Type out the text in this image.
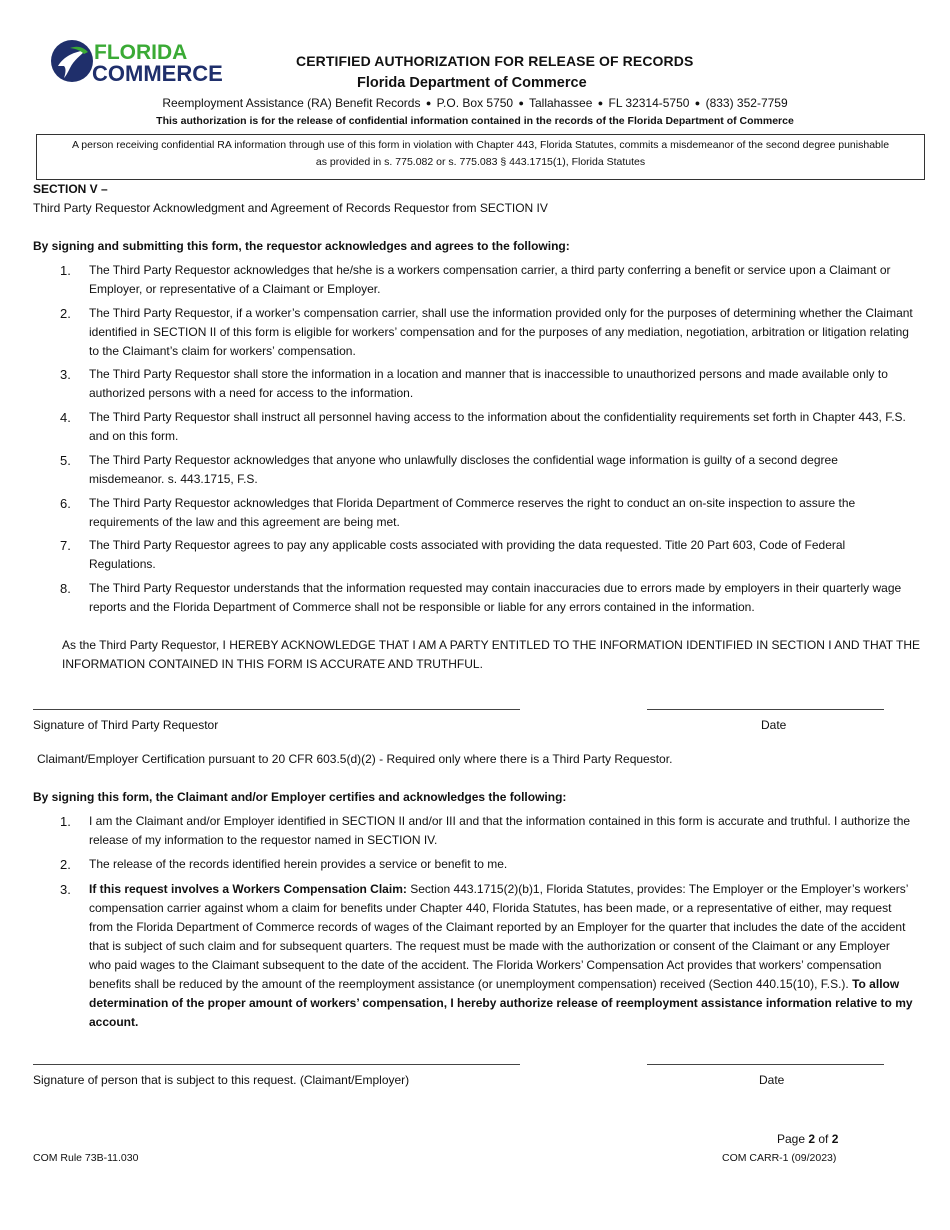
FLORIDA
COMMERCE	CERTIFIED AUTHORIZATION FOR RELEASE OF RECORDS
Florida Department of Commerce
Reemployment Assistance (RA) Benefit Records ● P.O. Box 5750 ● Tallahassee ● FL 32314-5750 ● (833) 352-7759
This authorization is for the release of confidential information contained in the records of the Florida Department of Commerce
A person receiving confidential RA information through use of this form in violation with Chapter 443, Florida Statutes, commits a misdemeanor of the second degree punishable as provided in s. 775.082 or s. 775.083 § 443.1715(1), Florida Statutes
SECTION V –
Third Party Requestor Acknowledgment and Agreement of Records Requestor from SECTION IV
By signing and submitting this form, the requestor acknowledges and agrees to the following:
1. The Third Party Requestor acknowledges that he/she is a workers compensation carrier, a third party conferring a benefit or service upon a Claimant or Employer, or representative of a Claimant or Employer.
2. The Third Party Requestor, if a worker’s compensation carrier, shall use the information provided only for the purposes of determining whether the Claimant identified in SECTION II of this form is eligible for workers’ compensation and for the purposes of any mediation, negotiation, arbitration or litigation relating to the Claimant’s claim for workers’ compensation.
3. The Third Party Requestor shall store the information in a location and manner that is inaccessible to unauthorized persons and made available only to authorized persons with a need for access to the information.
4. The Third Party Requestor shall instruct all personnel having access to the information about the confidentiality requirements set forth in Chapter 443, F.S. and on this form.
5. The Third Party Requestor acknowledges that anyone who unlawfully discloses the confidential wage information is guilty of a second degree misdemeanor. s. 443.1715, F.S.
6. The Third Party Requestor acknowledges that Florida Department of Commerce reserves the right to conduct an on-site inspection to assure the requirements of the law and this agreement are being met.
7. The Third Party Requestor agrees to pay any applicable costs associated with providing the data requested. Title 20 Part 603, Code of Federal Regulations.
8. The Third Party Requestor understands that the information requested may contain inaccuracies due to errors made by employers in their quarterly wage reports and the Florida Department of Commerce shall not be responsible or liable for any errors contained in the information.
As the Third Party Requestor, I HEREBY ACKNOWLEDGE THAT I AM A PARTY ENTITLED TO THE INFORMATION IDENTIFIED IN SECTION I AND THAT THE INFORMATION CONTAINED IN THIS FORM IS ACCURATE AND TRUTHFUL.
Signature of Third Party Requestor	Date
Claimant/Employer Certification pursuant to 20 CFR 603.5(d)(2) - Required only where there is a Third Party Requestor.
By signing this form, the Claimant and/or Employer certifies and acknowledges the following:
1. I am the Claimant and/or Employer identified in SECTION II and/or III and that the information contained in this form is accurate and truthful. I authorize the release of my information to the requestor named in SECTION IV.
2. The release of the records identified herein provides a service or benefit to me.
3. If this request involves a Workers Compensation Claim: Section 443.1715(2)(b)1, Florida Statutes, provides: The Employer or the Employer’s workers’ compensation carrier against whom a claim for benefits under Chapter 440, Florida Statutes, has been made, or a representative of either, may request from the Florida Department of Commerce records of wages of the Claimant reported by an Employer for the quarter that includes the date of the accident that is subject of such claim and for subsequent quarters. The request must be made with the authorization or consent of the Claimant or any Employer who paid wages to the Claimant subsequent to the date of the accident. The Florida Workers’ Compensation Act provides that workers’ compensation benefits shall be reduced by the amount of the reemployment assistance (or unemployment compensation) received (Section 440.15(10), F.S.). To allow determination of the proper amount of workers’ compensation, I hereby authorize release of reemployment assistance information relative to my account.
Signature of person that is subject to this request. (Claimant/Employer)	Date
Page 2 of 2
COM Rule 73B-11.030	COM CARR-1 (09/2023)
